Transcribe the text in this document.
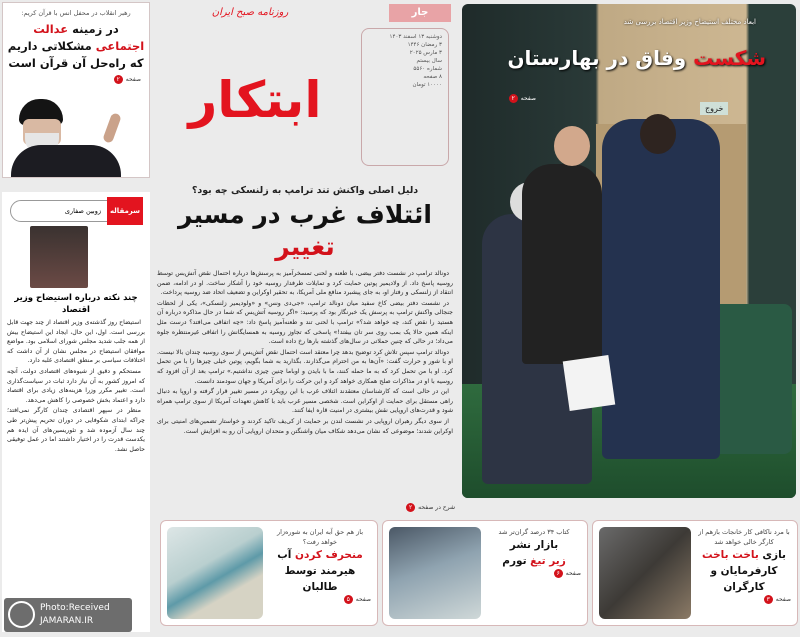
رهبر انقلاب در محفل انس با قرآن کریم:
در زمینه عدالت اجتماعی مشکلاتی داریم که راه‌حل آن قرآن است
صفحه
۲	ابتکار
روزنامه صبح ایران	جار
دوشنبه ۱۳ اسفند ۱۴۰۳
۳ رمضان ۱۴۴۶
۳ مارس ۲۰۲۵
سال بیستم
شماره ۵۵۶۰
۸ صفحه
۱۰۰۰۰ تومان
دلیل اصلی واکنش تند ترامپ به زلنسکی چه بود؟
ائتلاف غرب در مسیر تغییر

دونالد ترامپ در نشست دفتر بیضی، با طعنه و لحنی تمسخرآمیز به پرسش‌ها درباره احتمال نقض آتش‌بس توسط روسیه پاسخ داد. از ولادیمیر پوتین حمایت کرد و تمایلات طرفدار روسیه خود را آشکار ساخت. او در ادامه، ضمن انتقاد از زلنسکی و رفتار او، به جای پیشبرد منافع ملی آمریکا، به تحقیر اوکراین و تضعیف اتحاد ضد روسیه پرداخت.

در نشست دفتر بیضی کاخ سفید میان دونالد ترامپ، «جی‌دی ونس» و «ولودیمیر زلنسکی»، یکی از لحظات جنجالی واکنش ترامپ به پرسش یک خبرنگار بود که پرسید: «اگر روسیه آتش‌بس که شما در حال مذاکره درباره آن هستید را نقض کند، چه خواهد شد؟» ترامپ با لحنی تند و طعنه‌آمیز پاسخ داد: «چه اتفاقی می‌افتد؟ درست مثل اینکه همین حالا یک بمب روی سر تان بیفتد!» پاسخی که تجاوز روسیه به همسایگانش را اتفاقی غیرمنتظره جلوه می‌داد؛ در حالی که چنین حملاتی در سال‌های گذشته بارها رخ داده است.

دونالد ترامپ سپس تلاش کرد توضیح بدهد چرا معتقد است احتمال نقض آتش‌بس از سوی روسیه چندان بالا نیست. او با شور و حرارت گفت: «آن‌ها به من احترام می‌گذارند. بگذارید به شما بگویم، پوتین خیلی چیزها را با من تحمل کرد. او با من تحمل کرد که به ما حمله کنند، ما با بایدن و اوباما چنین چیزی نداشتیم.» ترامپ بعد از آن افزود که روسیه با او در مذاکرات صلح همکاری خواهد کرد و این حرکت را برای آمریکا و جهان سودمند دانست.

این در حالی است که کارشناسان معتقدند ائتلاف غرب با این رویکرد در مسیر تغییر قرار گرفته و اروپا به دنبال راهی مستقل برای حمایت از اوکراین است. شخصی مسیر غرب باید با کاهش تعهدات آمریکا از سوی ترامپ همراه شود و قدرت‌های اروپایی نقش بیشتری در امنیت قاره ایفا کنند.

از سوی دیگر رهبران اروپایی در نشست لندن بر حمایت از کی‌یف تاکید کردند و خواستار تضمین‌های امنیتی برای اوکراین شدند؛ موضوعی که نشان می‌دهد شکاف میان واشنگتن و متحدان اروپایی آن رو به افزایش است.

شرح در صفحه
۲
ابعاد مختلف استیضاح وزیر اقتصاد بررسی شد
شکست وفاق در بهارستان
صفحه
۲
خروج
سرمقاله
زوبین صفاری
چند نکته درباره استیضاح وزیر اقتصاد

استیضاح روز گذشته‌ی وزیر اقتصاد از چند جهت قابل بررسی است. اول، این حال، ایجاد این استیضاح بیش از همه جلب شدید مجلس شورای اسلامی بود. مواضع موافقان استیضاح در مجلس نشان از آن داشت که اختلافات سیاسی بر منطق اقتصادی غلبه دارد.

مستحکم و دقیق از شیوه‌های اقتصادی دولت، آنچه که امروز کشور به آن نیاز دارد ثبات در سیاست‌گذاری است. تغییر مکرر وزرا هزینه‌های زیادی برای اقتصاد دارد و اعتماد بخش خصوصی را کاهش می‌دهد.

منظر در سپهر اقتصادی چندان کارگر نمی‌افتد؛ چراکه ابتدای شکوفایی در دوران تحریم پیش‌تر طی چند سال آزموده شد و تئوریسین‌های آن ایده هم یکدست قدرت را در اختیار داشتند اما در عمل توفیقی حاصل نشد.

با مرد ناکافی کار خانجات بازهم از کارگر خالی خواهد شد
بازی باخت باخت
کارفرمایان و کارگران
صفحه
۳
کتاب ۳۴ درصد گران‌تر شد
بازار نشر
زیر تیغ تورم
صفحه
۶
باز هم حق آبه ایران به شوره‌زار خواهد رفت؟
منحرف کردن آب
هیرمند توسط طالبان
صفحه
۵
Photo:Received
JAMARAN.IR
